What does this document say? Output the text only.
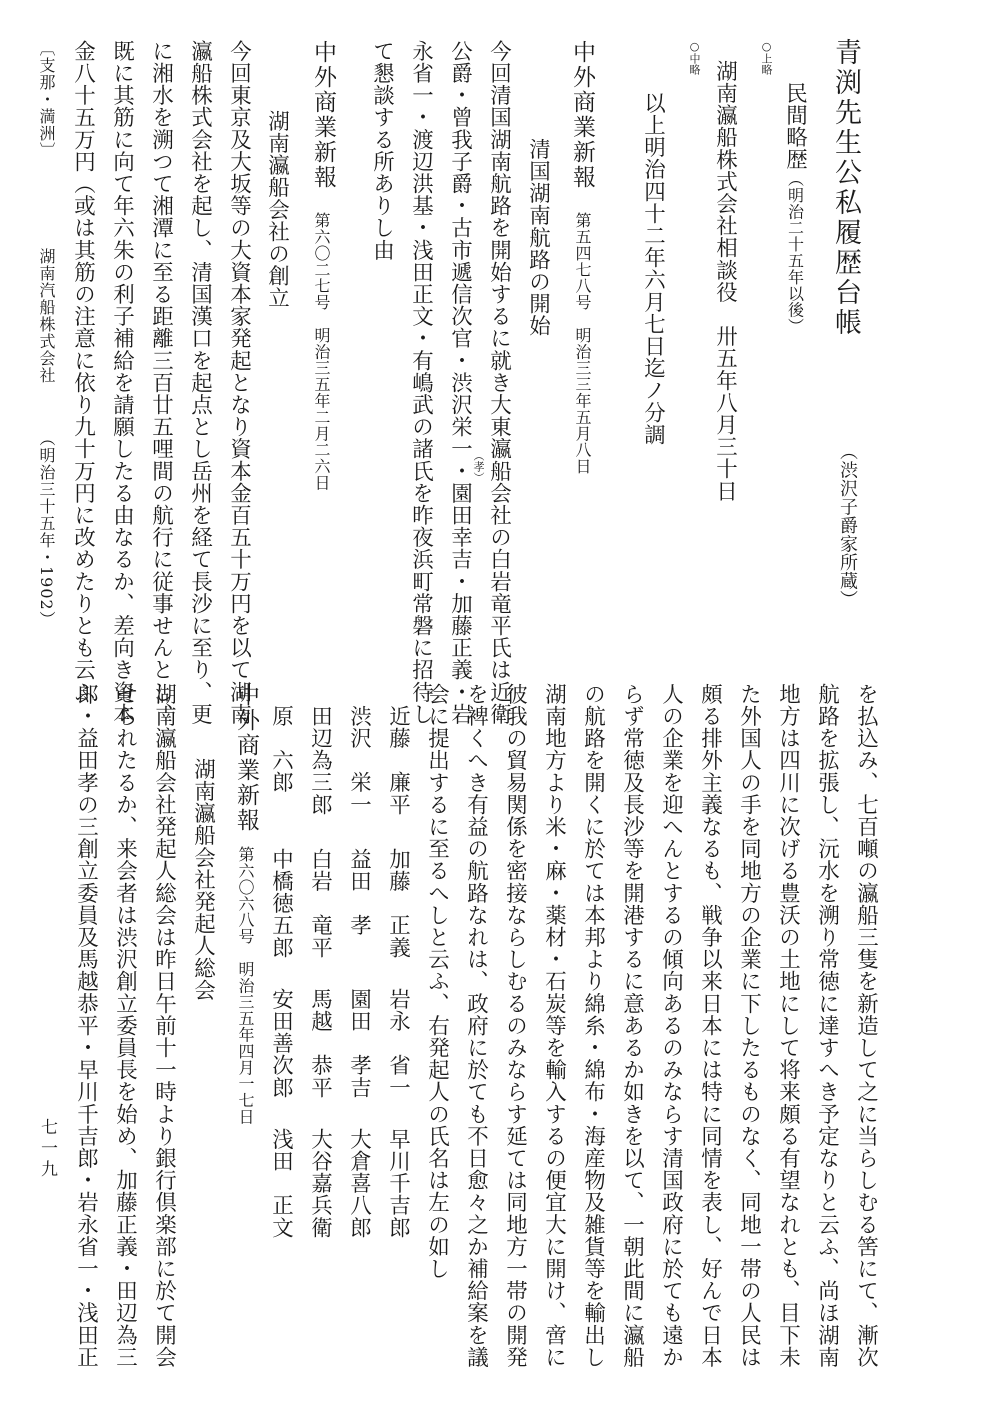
青渕先生公私履歴台帳
（渋沢子爵家所蔵）
民間略歴（明治二十五年以後）
○上略
湖南瀛船株式会社相談役　卅五年八月三十日
○中略
以上明治四十二年六月七日迄ノ分調
中外商業新報
第五四七八号　明治三三年五月八日
清国湖南航路の開始
今回清国湖南航路を開始するに就き大東瀛船会社の白岩竜平氏は近衛
（孝）
公爵・曾我子爵・古市遞信次官・渋沢栄一・園田幸吉・加藤正義・岩
永省一・渡辺洪基・浅田正文・有嶋武の諸氏を昨夜浜町常磐に招待し
て懇談する所ありし由
中外商業新報
第六〇二七号　明治三五年二月二六日
湖南瀛船会社の創立
今回東京及大坂等の大資本家発起となり資本金百五十万円を以て湖南
瀛船株式会社を起し、清国漢口を起点とし岳州を経て長沙に至り、更
に湘水を溯つて湘潭に至る距離三百廿五哩間の航行に従事せんとし、
既に其筋に向て年六朱の利子補給を請願したる由なるか、差向き資本
金八十五万円（或は其筋の注意に依り九十万円に改めたりとも云ふ
〔支那・満洲〕
湖南汽船株式会社
（明治三十五年・1902）
を払込み、七百噸の瀛船三隻を新造して之に当らしむる筈にて、漸次
航路を拡張し、沅水を溯り常徳に達すへき予定なりと云ふ、尚ほ湖南
地方は四川に次げる豊沃の土地にして将来頗る有望なれとも、目下未
た外国人の手を同地方の企業に下したるものなく、同地一帯の人民は
頗る排外主義なるも、戦争以来日本には特に同情を表し、好んで日本
人の企業を迎へんとするの傾向あるのみならす清国政府に於ても遠か
らず常徳及長沙等を開港するに意あるか如きを以て、一朝此間に瀛船
の航路を開くに於ては本邦より綿糸・綿布・海産物及雑貨等を輸出し
湖南地方より米・麻・薬材・石炭等を輸入するの便宜大に開け、啻に
彼我の貿易関係を密接ならしむるのみならす延ては同地方一帯の開発
を裨くへき有益の航路なれは、政府に於ても不日愈々之か補給案を議
会に提出するに至るへしと云ふ、右発起人の氏名は左の如し
近藤　廉平
加藤　正義
岩永　省一
早川千吉郎
渋沢　栄一
益田　孝
園田　孝吉
大倉喜八郎
田辺為三郎
白岩　竜平
馬越　恭平
大谷嘉兵衛
原　六郎
中橋徳五郎
安田善次郎
浅田　正文
中外商業新報
第六〇六八号　明治三五年四月一七日
湖南瀛船会社発起人総会
湖南瀛船会社発起人総会は昨日午前十一時より銀行倶楽部に於て開会
せられたるか、来会者は渋沢創立委員長を始め、加藤正義・田辺為三
郎・益田孝の三創立委員及馬越恭平・早川千吉郎・岩永省一・浅田正
七一九
